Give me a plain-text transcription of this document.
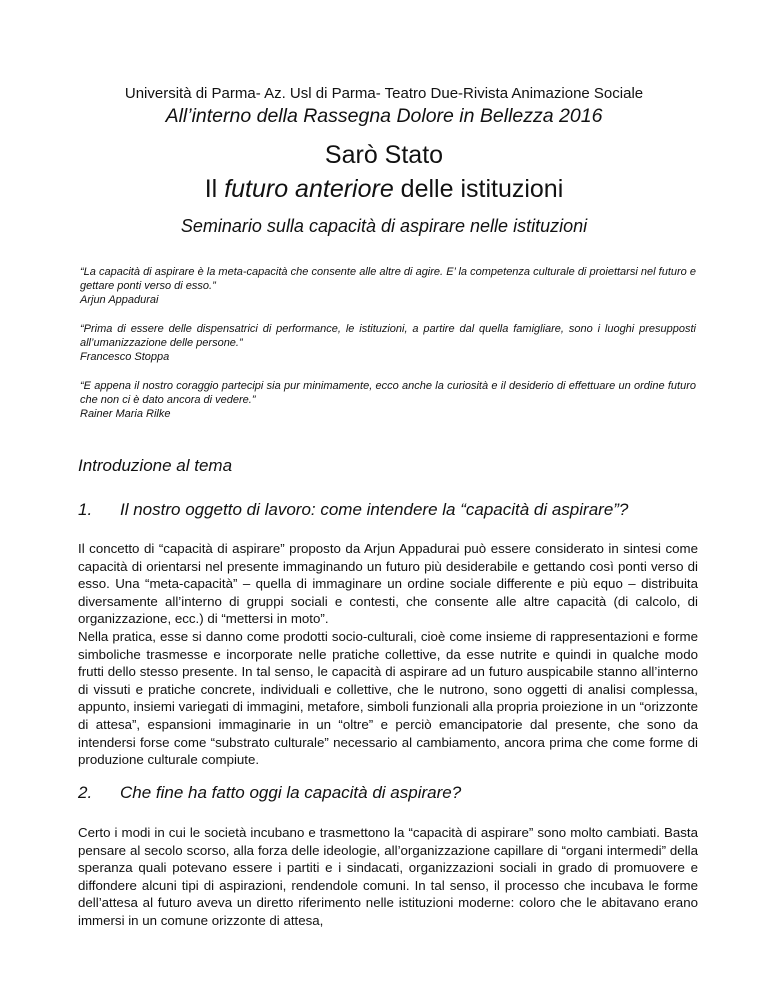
Università di Parma- Az. Usl di Parma- Teatro Due-Rivista Animazione Sociale
All’interno della Rassegna Dolore in Bellezza 2016
Sarò Stato
Il futuro anteriore delle istituzioni
Seminario sulla capacità di aspirare nelle istituzioni
“La capacità di aspirare è la meta-capacità che consente alle altre di agire. E’ la competenza culturale di proiettarsi nel futuro e gettare ponti verso di esso.”
Arjun Appadurai
“Prima di essere delle dispensatrici di performance, le istituzioni, a partire dal quella famigliare, sono i luoghi presupposti all’umanizzazione delle persone.”
Francesco Stoppa
“E appena il nostro coraggio partecipi sia pur minimamente, ecco anche la curiosità e il desiderio di effettuare un ordine futuro che non ci è dato ancora di vedere.”
Rainer Maria Rilke
Introduzione al tema
1. Il nostro oggetto di lavoro: come intendere la “capacità di aspirare”?

Il concetto di “capacità di aspirare” proposto da Arjun Appadurai può essere considerato in sintesi come capacità di orientarsi nel presente immaginando un futuro più desiderabile e gettando così ponti verso di esso. Una “meta-capacità” – quella di immaginare un ordine sociale differente e più equo – distribuita diversamente all’interno di gruppi sociali e contesti, che consente alle altre capacità (di calcolo, di organizzazione, ecc.) di “mettersi in moto”.

Nella pratica, esse si danno come prodotti socio-culturali, cioè come insieme di rappresentazioni e forme simboliche trasmesse e incorporate nelle pratiche collettive, da esse nutrite e quindi in qualche modo frutti dello stesso presente. In tal senso, le capacità di aspirare ad un futuro auspicabile stanno all’interno di vissuti e pratiche concrete, individuali e collettive, che le nutrono, sono oggetti di analisi complessa, appunto, insiemi variegati di immagini, metafore, simboli funzionali alla propria proiezione in un “orizzonte di attesa”, espansioni immaginarie in un “oltre” e perciò emancipatorie dal presente, che sono da intendersi forse come “substrato culturale” necessario al cambiamento, ancora prima che come forme di produzione culturale compiute.

2. Che fine ha fatto oggi la capacità di aspirare?

Certo i modi in cui le società incubano e trasmettono la “capacità di aspirare” sono molto cambiati. Basta pensare al secolo scorso, alla forza delle ideologie, all’organizzazione capillare di “organi intermedi” della speranza quali potevano essere i partiti e i sindacati, organizzazioni sociali in grado di promuovere e diffondere alcuni tipi di aspirazioni, rendendole comuni. In tal senso, il processo che incubava le forme dell’attesa al futuro aveva un diretto riferimento nelle istituzioni moderne: coloro che le abitavano erano immersi in un comune orizzonte di attesa,
